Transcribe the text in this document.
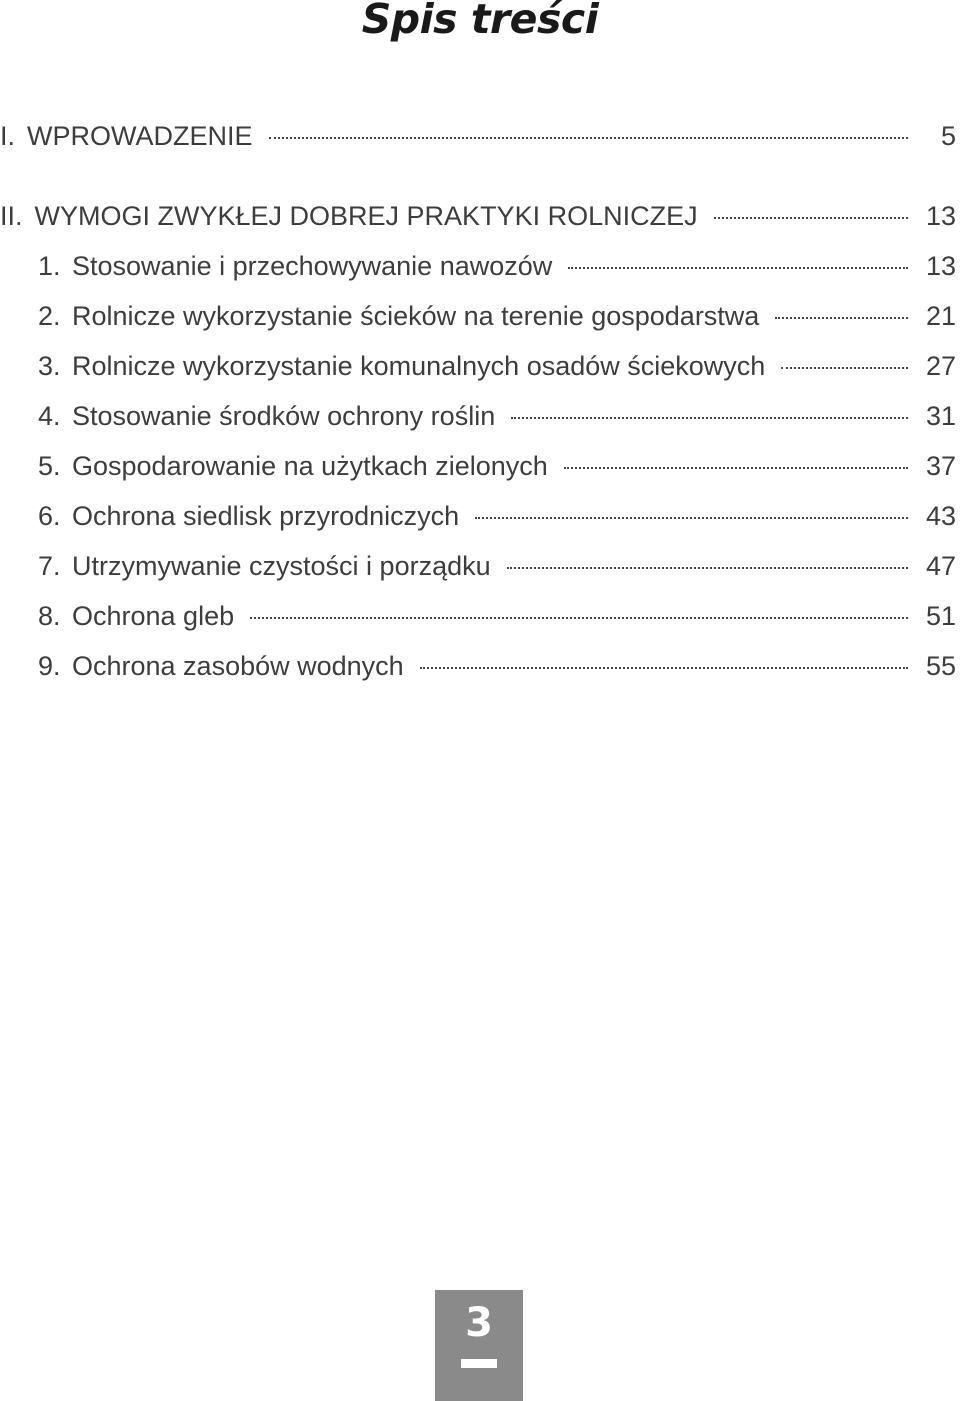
Spis treści
I. WPROWADZENIE	5
II. WYMOGI ZWYKŁEJ DOBREJ PRAKTYKI ROLNICZEJ	13
1. Stosowanie i przechowywanie nawozów	13
2. Rolnicze wykorzystanie ścieków na terenie gospodarstwa	21
3. Rolnicze wykorzystanie komunalnych osadów ściekowych	27
4. Stosowanie środków ochrony roślin	31
5. Gospodarowanie na użytkach zielonych	37
6. Ochrona siedlisk przyrodniczych	43
7. Utrzymywanie czystości i porządku	47
8. Ochrona gleb	51
9. Ochrona zasobów wodnych	55
3
